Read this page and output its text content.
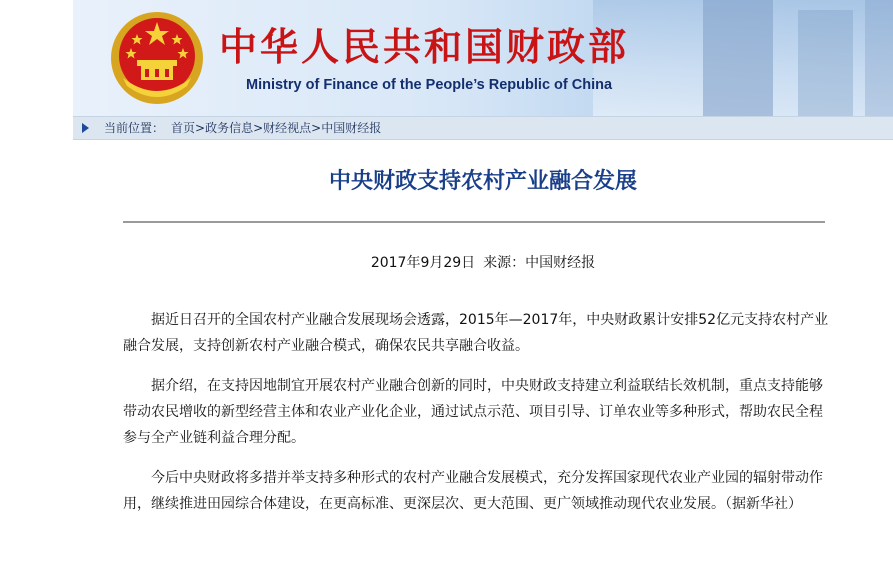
中华人民共和国财政部
Ministry of Finance of the People’s Republic of China
当前位置： 首页>政务信息>财经视点>中国财经报
中央财政支持农村产业融合发展
2017年9月29日 来源：中国财经报

据近日召开的全国农村产业融合发展现场会透露，2015年—2017年，中央财政累计安排52亿元支持农村产业融合发展，支持创新农村产业融合模式，确保农民共享融合收益。

据介绍，在支持因地制宜开展农村产业融合创新的同时，中央财政支持建立利益联结长效机制，重点支持能够带动农民增收的新型经营主体和农业产业化企业，通过试点示范、项目引导、订单农业等多种形式，帮助农民全程参与全产业链利益合理分配。

今后中央财政将多措并举支持多种形式的农村产业融合发展模式，充分发挥国家现代农业产业园的辐射带动作用，继续推进田园综合体建设，在更高标准、更深层次、更大范围、更广领域推动现代农业发展。（据新华社）
